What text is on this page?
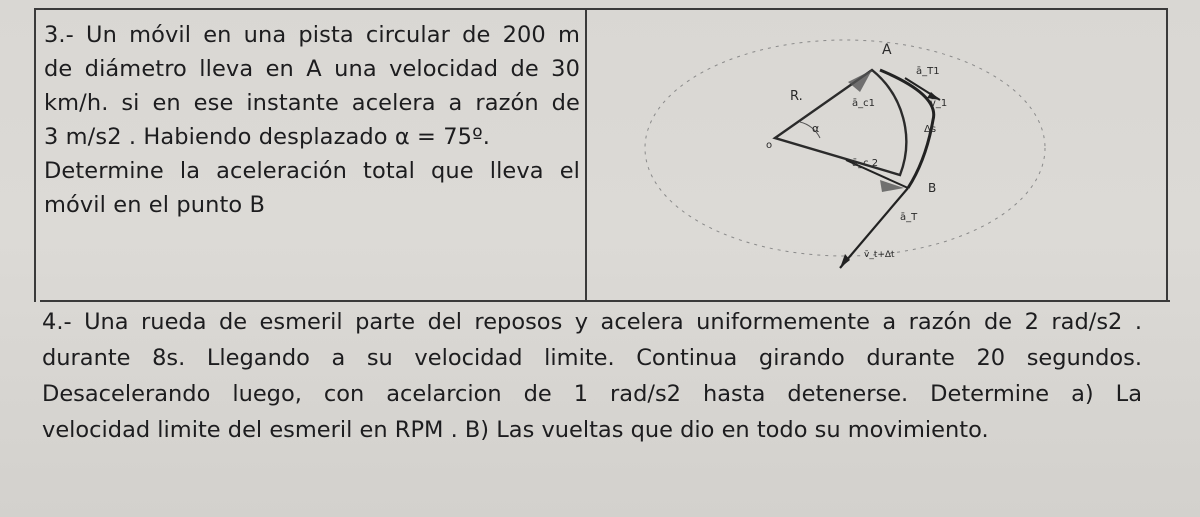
3.- Un móvil en una pista circular de 200 m
de diámetro lleva en A una velocidad de 30
km/h. si en ese instante acelera a razón de
3 m/s2 . Habiendo desplazado α = 75º.
Determine la aceleración total que lleva el
móvil en el punto B
A
B
R.
o
α
ā_T1
v̄_1
ā_c1
ā_c 2
Δs
ā_T
v̄_t+Δt
4.- Una rueda de esmeril parte del reposos y acelera uniformemente a razón de 2 rad/s2 .
durante 8s. Llegando a su velocidad limite. Continua girando durante 20 segundos.
Desacelerando luego, con acelarcion de 1 rad/s2 hasta detenerse. Determine a) La
velocidad limite del esmeril en RPM . B) Las vueltas que dio en todo su movimiento.
